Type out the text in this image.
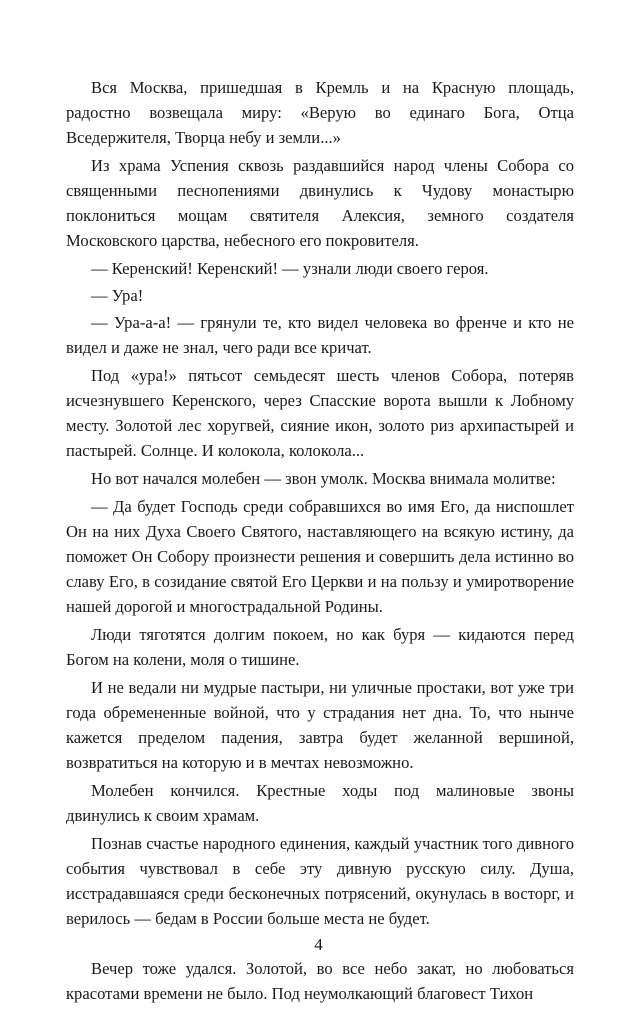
Вся Москва, пришедшая в Кремль и на Красную площадь, радостно возвещала миру: «Верую во единаго Бога, Отца Вседержителя, Творца небу и земли...»

Из храма Успения сквозь раздавшийся народ члены Собора со священными песнопениями двинулись к Чудову монастырю поклониться мощам святителя Алексия, земного создателя Московского царства, небесного его покровителя.

— Керенский! Керенский! — узнали люди своего героя.

— Ура!

— Ура-а-а! — грянули те, кто видел человека во френче и кто не видел и даже не знал, чего ради все кричат.

Под «ура!» пятьсот семьдесят шесть членов Собора, потеряв исчезнувшего Керенского, через Спасские ворота вышли к Лобному месту. Золотой лес хоругвей, сияние икон, золото риз архипастырей и пастырей. Солнце. И колокола, колокола...

Но вот начался молебен — звон умолк. Москва внимала молитве:

— Да будет Господь среди собравшихся во имя Его, да ниспошлет Он на них Духа Своего Святого, наставляющего на всякую истину, да поможет Он Собору произнести решения и совершить дела истинно во славу Его, в созидание святой Его Церкви и на пользу и умиротворение нашей дорогой и многострадальной Родины.

Люди тяготятся долгим покоем, но как буря — кидаются перед Богом на колени, моля о тишине.

И не ведали ни мудрые пастыри, ни уличные простаки, вот уже три года обремененные войной, что у страдания нет дна. То, что нынче кажется пределом падения, завтра будет желанной вершиной, возвратиться на которую и в мечтах невозможно.

Молебен кончился. Крестные ходы под малиновые звоны двинулись к своим храмам.

Познав счастье народного единения, каждый участник того дивного события чувствовал в себе эту дивную русскую силу. Душа, исстрадавшаяся среди бесконечных потрясений, окунулась в восторг, и верилось — бедам в России больше места не будет.

Вечер тоже удался. Золотой, во все небо закат, но любоваться красотами времени не было. Под неумолкающий благовест Тихон

4
